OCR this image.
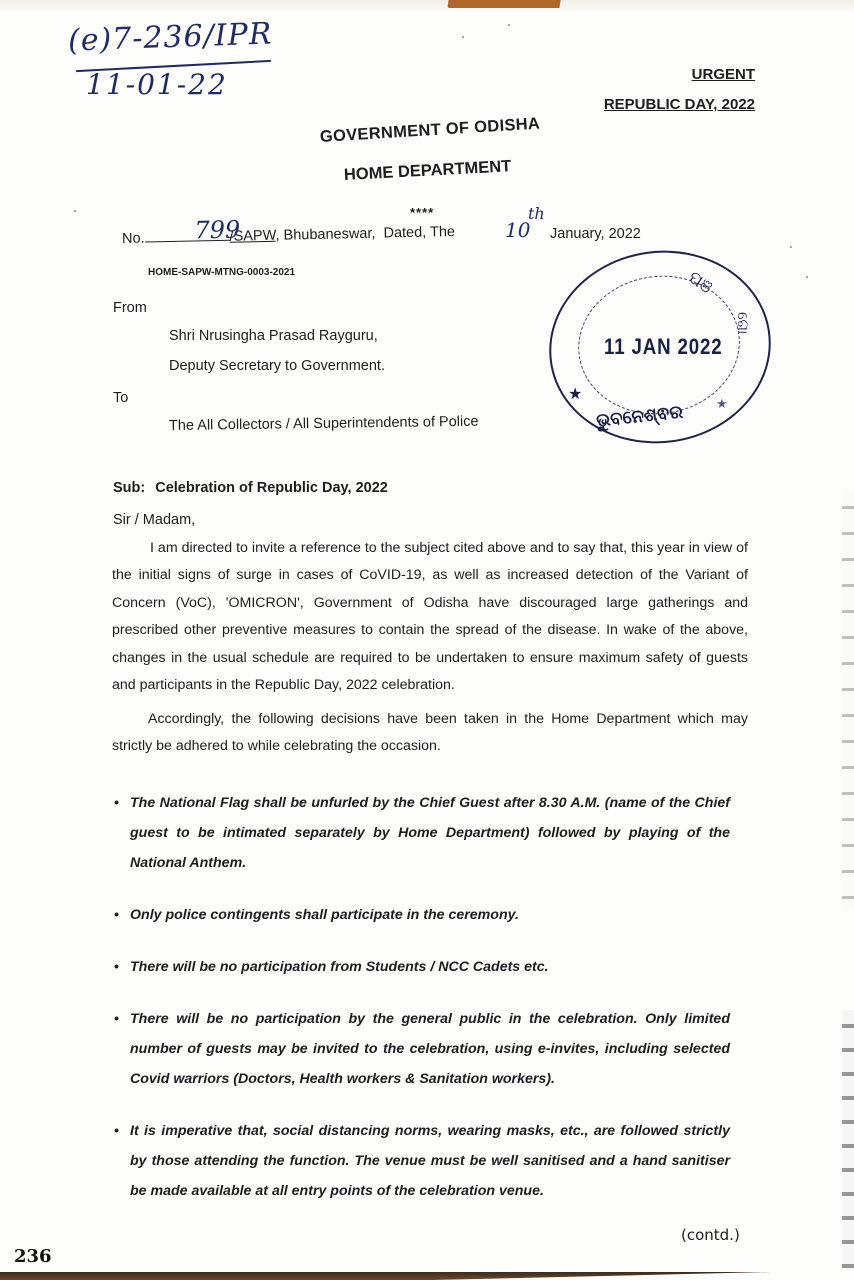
(e)7-236/IPR
11-01-22	URGENT
REPUBLIC DAY, 2022
GOVERNMENT OF ODISHA
HOME DEPARTMENT
****
No. 799
/SAPW, Bhubaneswar, Dated, The 10
th
January, 2022
HOME-SAPW-MTNG-0003-2021
11 JAN 2022
★
★
ପଞ
ଗୋ
ଭୁବନେଶ୍ଵର
From
Shri Nrusingha Prasad Rayguru,
Deputy Secretary to Government.
To
The All Collectors / All Superintendents of Police
Sub: Celebration of Republic Day, 2022
Sir / Madam,
I am directed to invite a reference to the subject cited above and to say that, this year in view of the initial signs of surge in cases of CoVID-19, as well as increased detection of the Variant of Concern (VoC), 'OMICRON', Government of Odisha have discouraged large gatherings and prescribed other preventive measures to contain the spread of the disease. In wake of the above, changes in the usual schedule are required to be undertaken to ensure maximum safety of guests and participants in the Republic Day, 2022 celebration.
Accordingly, the following decisions have been taken in the Home Department which may strictly be adhered to while celebrating the occasion.
• The National Flag shall be unfurled by the Chief Guest after 8.30 A.M. (name of the Chief guest to be intimated separately by Home Department) followed by playing of the National Anthem.
• Only police contingents shall participate in the ceremony.
• There will be no participation from Students / NCC Cadets etc.
• There will be no participation by the general public in the celebration. Only limited number of guests may be invited to the celebration, using e-invites, including selected Covid warriors (Doctors, Health workers & Sanitation workers).
• It is imperative that, social distancing norms, wearing masks, etc., are followed strictly by those attending the function. The venue must be well sanitised and a hand sanitiser be made available at all entry points of the celebration venue.
(contd.)
236
